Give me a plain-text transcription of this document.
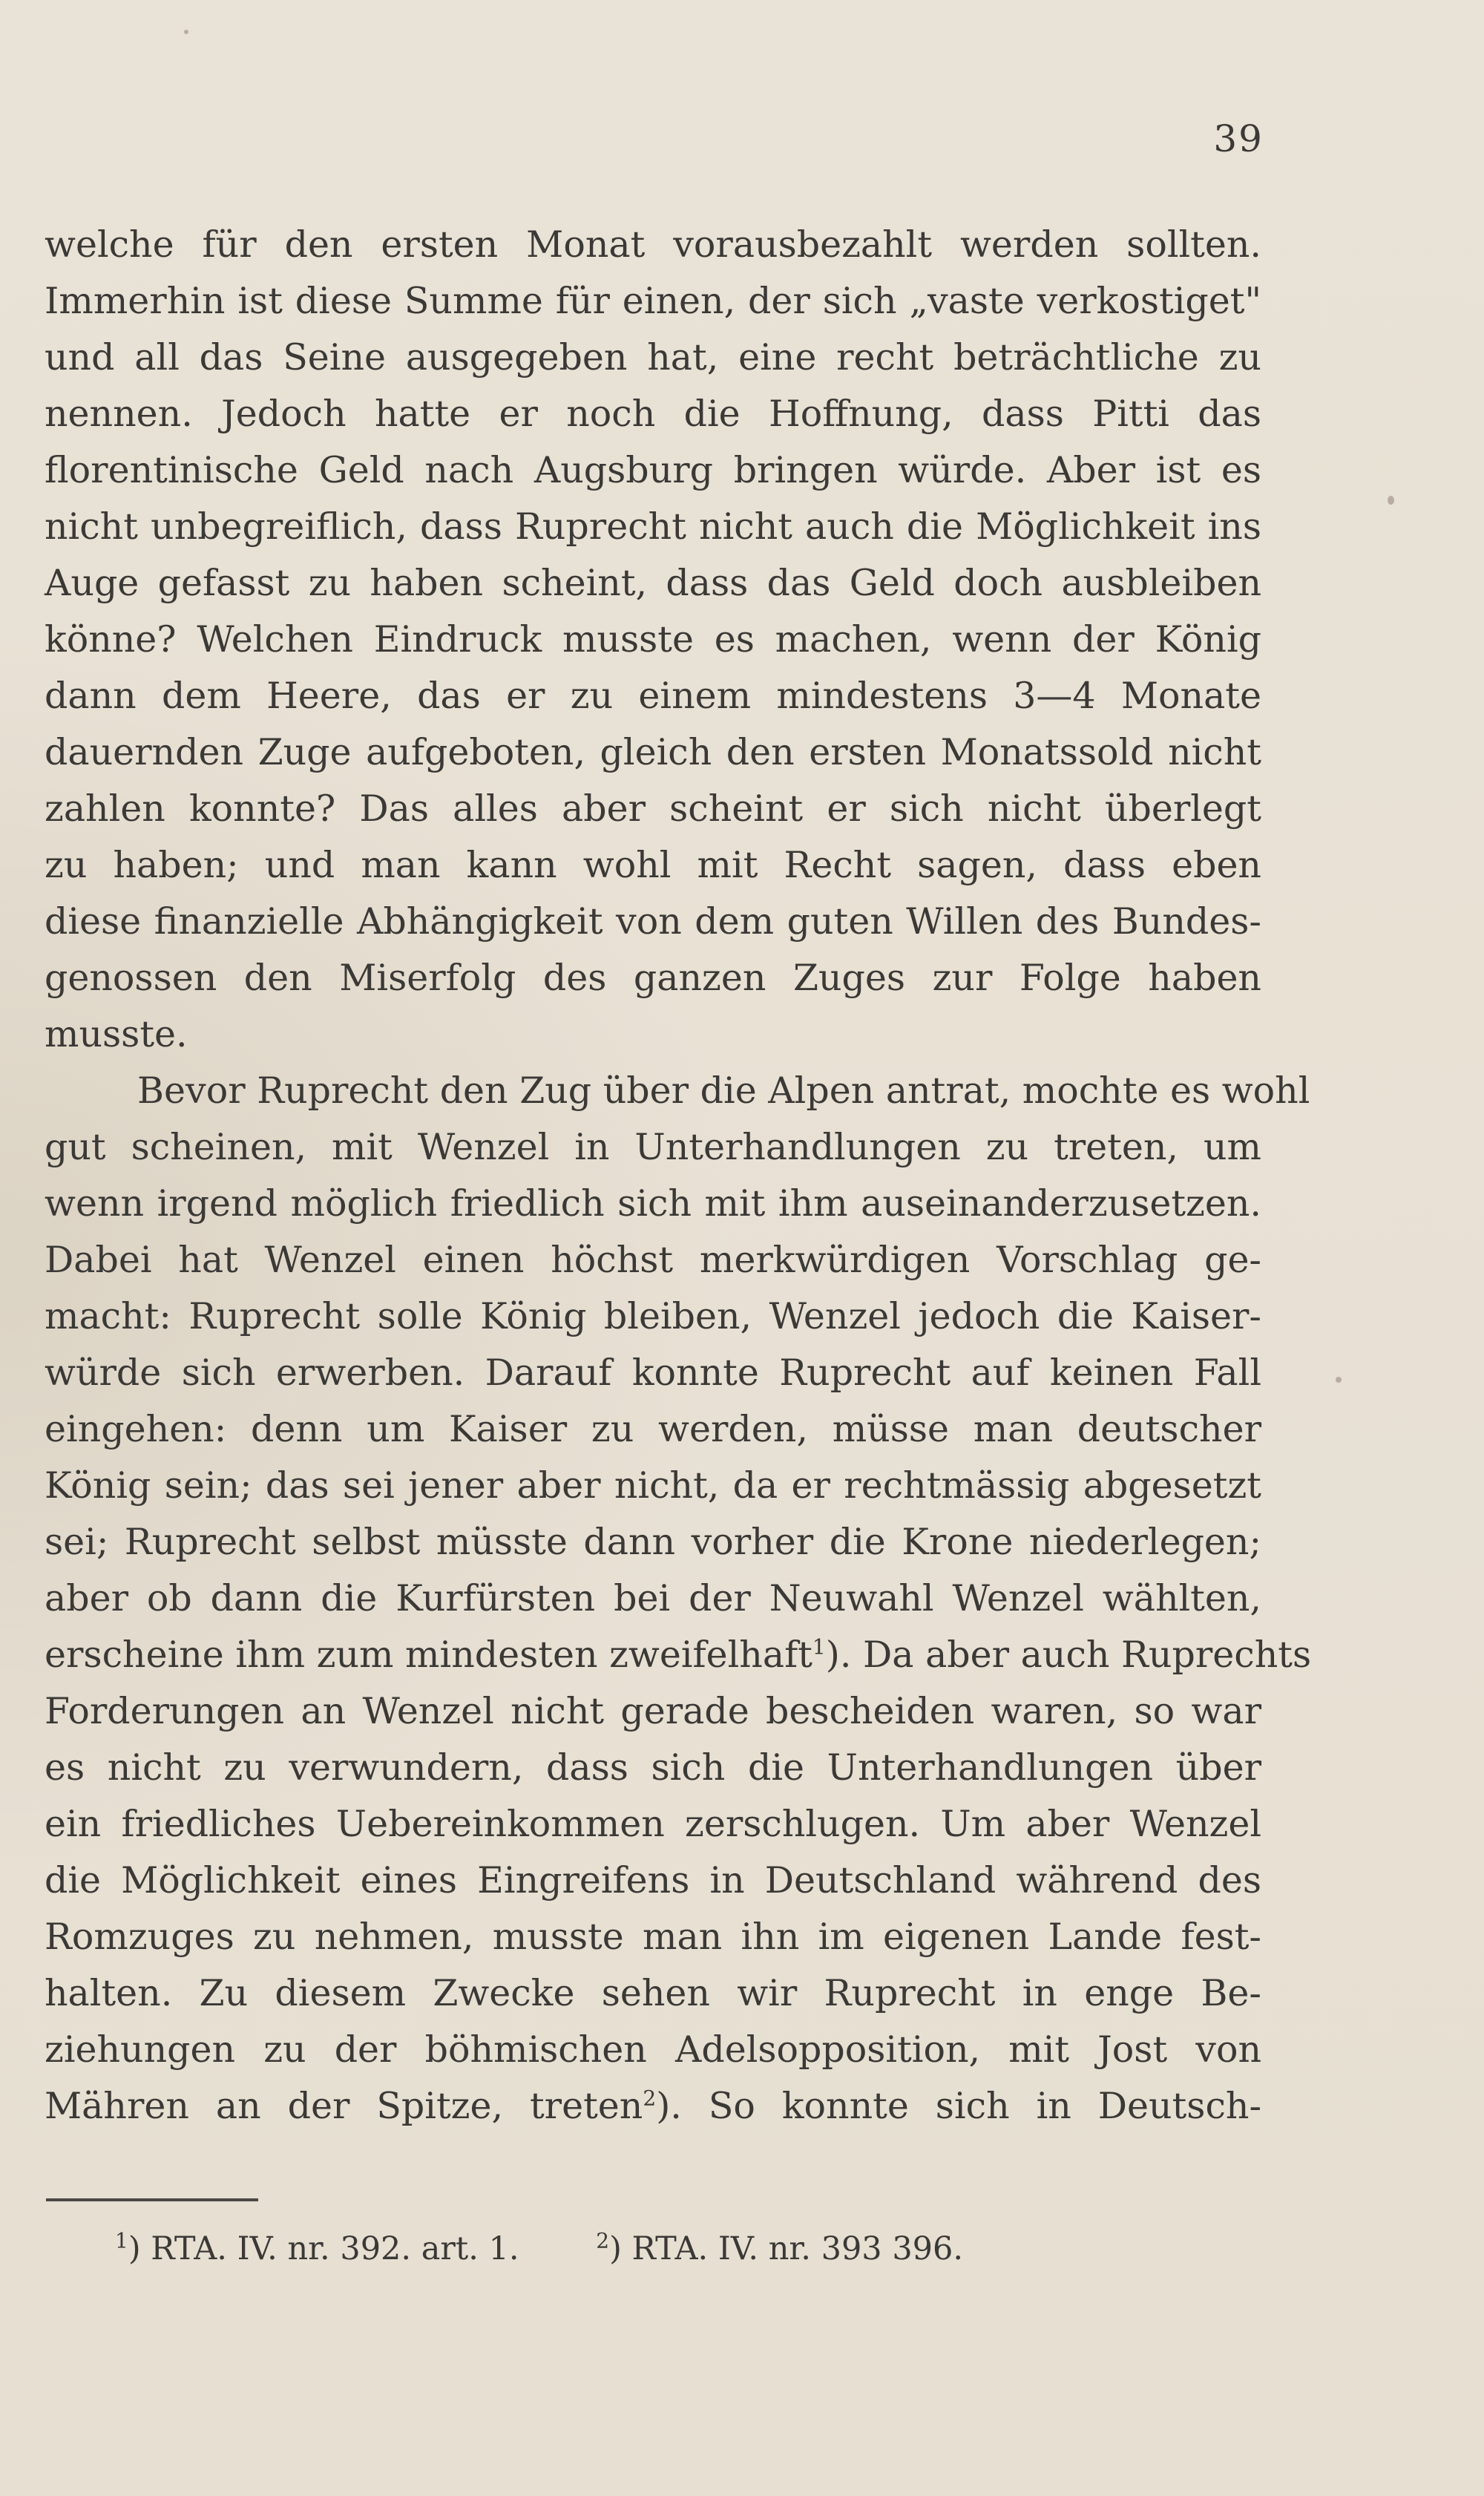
39
welche für den ersten Monat vorausbezahlt werden sollten.
Immerhin ist diese Summe für einen, der sich „vaste verkostiget"
und all das Seine ausgegeben hat, eine recht beträchtliche zu
nennen. Jedoch hatte er noch die Hoffnung, dass Pitti das
florentinische Geld nach Augsburg bringen würde. Aber ist es
nicht unbegreiflich, dass Ruprecht nicht auch die Möglichkeit ins
Auge gefasst zu haben scheint, dass das Geld doch ausbleiben
könne? Welchen Eindruck musste es machen, wenn der König
dann dem Heere, das er zu einem mindestens 3—4 Monate
dauernden Zuge aufgeboten, gleich den ersten Monatssold nicht
zahlen konnte? Das alles aber scheint er sich nicht überlegt
zu haben; und man kann wohl mit Recht sagen, dass eben
diese finanzielle Abhängigkeit von dem guten Willen des Bundes-
genossen den Miserfolg des ganzen Zuges zur Folge haben
musste.
Bevor Ruprecht den Zug über die Alpen antrat, mochte es wohl
gut scheinen, mit Wenzel in Unterhandlungen zu treten, um
wenn irgend möglich friedlich sich mit ihm auseinanderzusetzen.
Dabei hat Wenzel einen höchst merkwürdigen Vorschlag ge-
macht: Ruprecht solle König bleiben, Wenzel jedoch die Kaiser-
würde sich erwerben. Darauf konnte Ruprecht auf keinen Fall
eingehen: denn um Kaiser zu werden, müsse man deutscher
König sein; das sei jener aber nicht, da er rechtmässig abgesetzt
sei; Ruprecht selbst müsste dann vorher die Krone niederlegen;
aber ob dann die Kurfürsten bei der Neuwahl Wenzel wählten,
erscheine ihm zum mindesten zweifelhaft$^1$). Da aber auch Ruprechts
Forderungen an Wenzel nicht gerade bescheiden waren, so war
es nicht zu verwundern, dass sich die Unterhandlungen über
ein friedliches Uebereinkommen zerschlugen. Um aber Wenzel
die Möglichkeit eines Eingreifens in Deutschland während des
Romzuges zu nehmen, musste man ihn im eigenen Lande fest-
halten. Zu diesem Zwecke sehen wir Ruprecht in enge Be-
ziehungen zu der böhmischen Adelsopposition, mit Jost von
Mähren an der Spitze, treten$^2$). So konnte sich in Deutsch-
$^1$) RTA. IV. nr. 392. art. 1.	$^2$) RTA. IV. nr. 393 396.
